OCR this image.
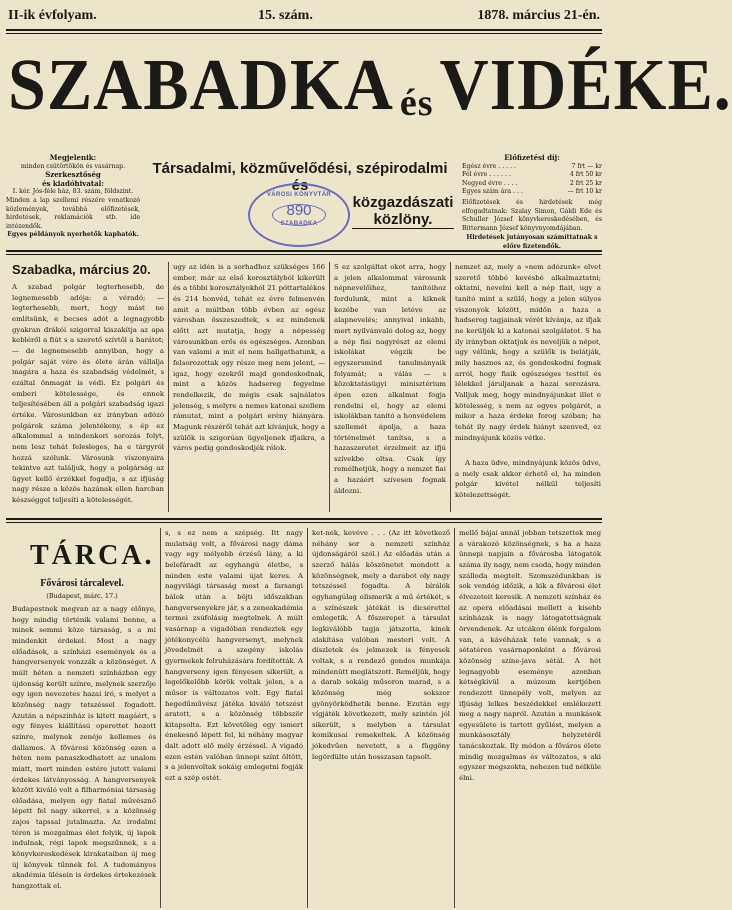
II-ik évfolyam.	15. szám.	1878. március 21-én.
SZABADKA ésVIDÉKE.
Megjelenik:
minden csütörtökön és vasárnap.
Szerkesztőség
és kiadóhivatal:
I. kér. Jós-féle ház, 83. szám, földszint.
Minden a lap szellemi részére vonatkozó közlemények, továbbá előfizetések, hirdetések, reklamációk stb. ide intézendők.
Egyes példányok nyerhetők kaphatók.
Társadalmi, közművelődési, szépirodalmi és
közgazdászati közlöny.
VÁROSI KÖNYVTÁR
890
SZABADKA
Előfizetési díj:
Egész évre . . . . .	7 frt — kr
Fél évre . . . . . .	4 frt 50 kr
Negyed évre . . . .	2 frt 25 kr
Egyes szám ára . . .	— frt 10 kr
Előfizetések és hirdetések még elfogadtatnak: Szalay Simon, Gáldi Ede és Schuller József könyvkereskedésében, és Bittermann József könyvnyomdájában.
Hirdetések jutányosan számíttatnak s előre fizetendők.
Szabadka, március 20.

A szabad polgár legterhesebb, de legnemesebb adója: a véradó; — legterhesebb, mert, hogy mást ne említsünk, e becses adót a legnagyobb gyakran drákói szigorral kiszakítja az apa kebléről a fiút s a szerető szívtől a barátot; — de legnemesebb annyiban, hogy a polgár saját vére és élete árán vállalja magára a haza és szabadság védelmét, s ezáltal önmagát is védi. Ez polgári és emberi kötelessége, és ennek teljesítésében áll a polgári szabadság igazi értéke. Városunkban ez irányban adózó polgárok száma jelentékeny, s ép ez alkalommal a mindenkori sorozás folyt, nem lesz tehát felesleges, ha e tárgyról hozzá szólunk. Városunk viszonyaira tekintve azt találjuk, hogy a polgárság az ügyet kellő érzékkel fogadja, s az ifjúság nagy része a közös hazának ellen harcban készséggel teljesíti a kötelességét.

ugy az idén is a sorhadhoz szükséges 166 ember, már az első korosztályból kikerült és a többi korosztályokból 21 póttartalékos és 214 honvéd, tehát ez évre felmenvén amit a múltban több évben az egész városban összeszedtek, s ez mindenek előtt azt mutatja, hogy a népesség városunkban erős és egészséges. Azonban van valami a mit el nem hallgathatunk, a felsorozottak egy része meg nem jelent, — igaz, hogy ezekről majd gondoskodnak, mint a közös hadsereg fegyelme rendelkezik, de mégis csak sajnálatos jelenség, s melyre a nemes katonai szellem rámutat, mint a polgári erény hiányára. Magunk részéről tehát azt kívánjuk, hogy a szülők is szigorúan ügyeljenek ifjaikra, a város pedig gondoskodjék rólok.

S ez szolgáltat okot arra, hogy a jelen alkalommal városunk népnevelőihez, tanítóihoz fordulunk, mint a kiknek kezébe van letéve az alapnevelés; annyival inkább, mert nyilvánvaló dolog az, hogy a nép fiai nagyrészt az elemi iskolákat végzik be egyszersmind tanulmányaik folyamát; a válás — s közoktatásügyi minisztérium épen ezen alkalmat fogja rendelni el, hogy az elemi iskolákban tanító a honvédelem szellemét ápolja, a haza történelmét tanítsa, s a hazaszeretet érzelmeit az ifjú szívekbe oltsa. Csak így remélhetjük, hogy a nemzet fiai a hazáért szívesen fognak áldozni.

nemzet az, mely a »nem adózunk« elvet szerető többé kevésbé alkalmaztatni; oktatni, nevelni kell a nép fiait, ugy a tanító mint a szülő, hogy a jelen súlyos viszonyok között, midőn a haza a hadsereg tagjainak vérét kívánja, az ifjak ne kerüljék ki a katonai szolgálatot. S ha ily irányban oktatjuk és neveljük a népet, ugy vélünk, hogy a szülők is belátják, mily hasznos az, és gondoskodni fognak arról, hogy fiaik egészséges testtel és lélekkel járuljanak a hazai sorozásra. Valljuk meg, hogy mindnyájunkat illet e kötelesség, s nem az egyes polgárét, a mikor a haza érdeke forog szóban; ha tehát ily nagy érdek hiányt szenved, ez mindnyájunk közös vétke.

A haza üdve, mindnyájunk közös üdve, a mely csak akkor érhető el, ha minden polgár kivétel nélkül teljesíti kötelezettségét.

TÁRCA.
Fővárosi tárcalevel.
(Budapest, márc. 17.)

Budapestnek megvan az a nagy előnye, hogy mindig történik valami benne, a minek semmi köze társaság, s a mi mindenkit érdekel. Most a nagy előadások, a színházi események és a hangversenyek vonzzák a közönséget. A múlt héten a nemzeti színházban egy újdonság került színre, melynek szerzője egy igen nevezetes hazai író, s melyet a közönség nagy tetszéssel fogadott. Azután a népszínház is kitett magáért, s egy fényes kiállítású operettet hozott színre, melynek zenéje kellemes és dallamos. A fővárosi közönség ezen a héten nem panaszkodhatott az unalom miatt, mert minden estére jutott valami érdekes látványosság. A hangversenyek között kiváló volt a filharmóniai társaság előadása, melyen egy fiatal művésznő lépett fel nagy sikerrel, s a közönség zajos tapssal jutalmazta. Az irodalmi téren is mozgalmas élet folyik, új lapok indulnak, régi lapok megszűnnek, s a könyvkereskedések kirakataiban új meg új könyvek tűnnek fel. A tudományos akadémia ülésein is érdekes értekezések hangzottak el.

s, s ez nem a szépség. Itt nagy mulatság volt, a fővárosi nagy dáma vagy egy mélyebb érzésű lány, a ki belefáradt az egyhangú életbe, s minden este valami újat keres. A nagyvilági társaság most a farsangi bálok után a böjti időszakban hangversenyekre jár, s a zeneakadémia termei zsúfolásig megtelnek. A múlt vasárnap a vigadóban rendeztek egy jótékonycélú hangversenyt, melynek jövedelmét a szegény iskolás gyermekek felruházására fordították. A hangverseny igen fényesen sikerült, a legelőkelőbb körök voltak jelen, s a műsor is változatos volt. Egy fiatal hegedűművész játéka kiváló tetszést aratott, s a közönség többször kitapsolta. Ezt követőleg egy ismert énekesnő lépett fel, ki néhány magyar dalt adott elő mély érzéssel. A vigadó ezen estén valóban ünnepi színt öltött, s a jelenvoltak sokáig emlegetni fogják ezt a szép estét.

ket-nek, kevéve . . . (Az itt következő néhány sor a nemzeti színház újdonságáról szól.) Az előadás után a szerző hálás köszönetet mondott a közönségnek, mely a darabot oly nagy tetszéssel fogadta. A bírálók egyhangúlag elismerik a mű értékét, s a színészek játékát is dicsérettel emlegetik. A főszerepet a társulat legkiválóbb tagja játszotta, kinek alakítása valóban mesteri volt. A díszletek és jelmezek is fényesek voltak, s a rendező gondos munkája mindenütt meglátszott. Reméljük, hogy a darab sokáig műsoron marad, s a közönség még sokszor gyönyörködhetik benne. Ezután egy vígjáték következett, mely szintén jól sikerült, s melyben a társulat komikusai remekeltek. A közönség jókedvűen nevetett, s a függöny legördülte után hosszasan tapsolt.

mellő bájai annál jobban tetszettek meg a várakozó közönségnek, s ha a haza ünnepi napjain a fővárosba látogatók száma ily nagy, nem csoda, hogy minden szálloda megtelt. Szomszédunkban is sok vendég időzik, a kik a fővárosi élet élvezeteit keresik. A nemzeti színház és az opera előadásai mellett a kisebb színházak is nagy látogatottságnak örvendenek. Az utcákon élénk forgalom van, a kávéházak tele vannak, s a sétatéren vasárnaponként a fővárosi közönség színe-java sétál. A hét legnagyobb eseménye azonban kétségkívül a múzeum kertjében rendezett ünnepély volt, melyen az ifjúság lelkes beszédekkel emlékezett meg a nagy napról. Azután a munkások egyesülete is tartott gyűlést, melyen a munkásosztály helyzetéről tanácskoztak. Ily módon a főváros élete mindig mozgalmas és változatos, s aki egyszer megszokta, nehezen tud nélküle élni.
